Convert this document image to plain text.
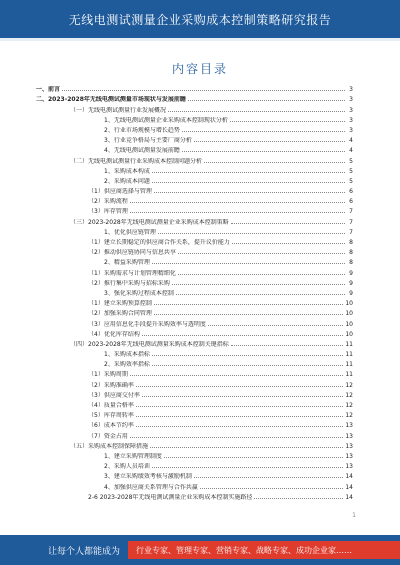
无线电测试测量企业采购成本控制策略研究报告
内容目录
一、前言	3
二、2023-2028年无线电测试测量市场现状与发展前瞻	3
（一）无线电测试测量行业发展概况	3
1、无线电测试测量企业采购成本控制现状分析	3
2、行业市场规模与增长趋势	3
3、行业竞争格局与主要厂商分析	4
4、无线电测试测量发展前瞻	4
（二）无线电测试测量行业采购成本控制问题分析	5
1、采购成本构成	5
2、采购成本问题	5
（1）供应商选择与管理	6
（2）采购流程	6
（3）库存管理	7
（三）2023-2028年无线电测试测量企业采购成本控制策略	7
1、优化供应链管理	7
（1）建立长期稳定的供应商合作关系，提升议价能力	8
（2）推动供应链协同与信息共享	8
2、精益采购管理	8
（1）采购需求与计划管理精细化	9
（2）推行集中采购与招标采购	9
3、强化采购过程成本控制	9
（1）建立采购预算控制	10
（2）加强采购合同管理	10
（3）应用信息化手段提升采购效率与透明度	10
（4）优化库存结构	10
（四）2023-2028年无线电测试测量采购成本控制关键指标	11
1、采购成本指标	11
2、采购效率指标	11
（1）采购周期	11
（2）采购准确率	12
（3）供应商交付率	12
（4）质量合格率	12
（5）库存周转率	12
（6）成本节约率	13
（7）资金占用	13
（五）采购成本控制保障措施	13
1、建立采购管理制度	13
2、采购人员培训	13
3、建立采购绩效考核与激励机制	14
4、加强供应商关系管理与合作共赢	14
2-6 2023-2028年无线电测试测量企业采购成本控制实施路径	14
1
让每个人都能成为 行业专家、管理专家、营销专家、战略专家、成功企业家……
